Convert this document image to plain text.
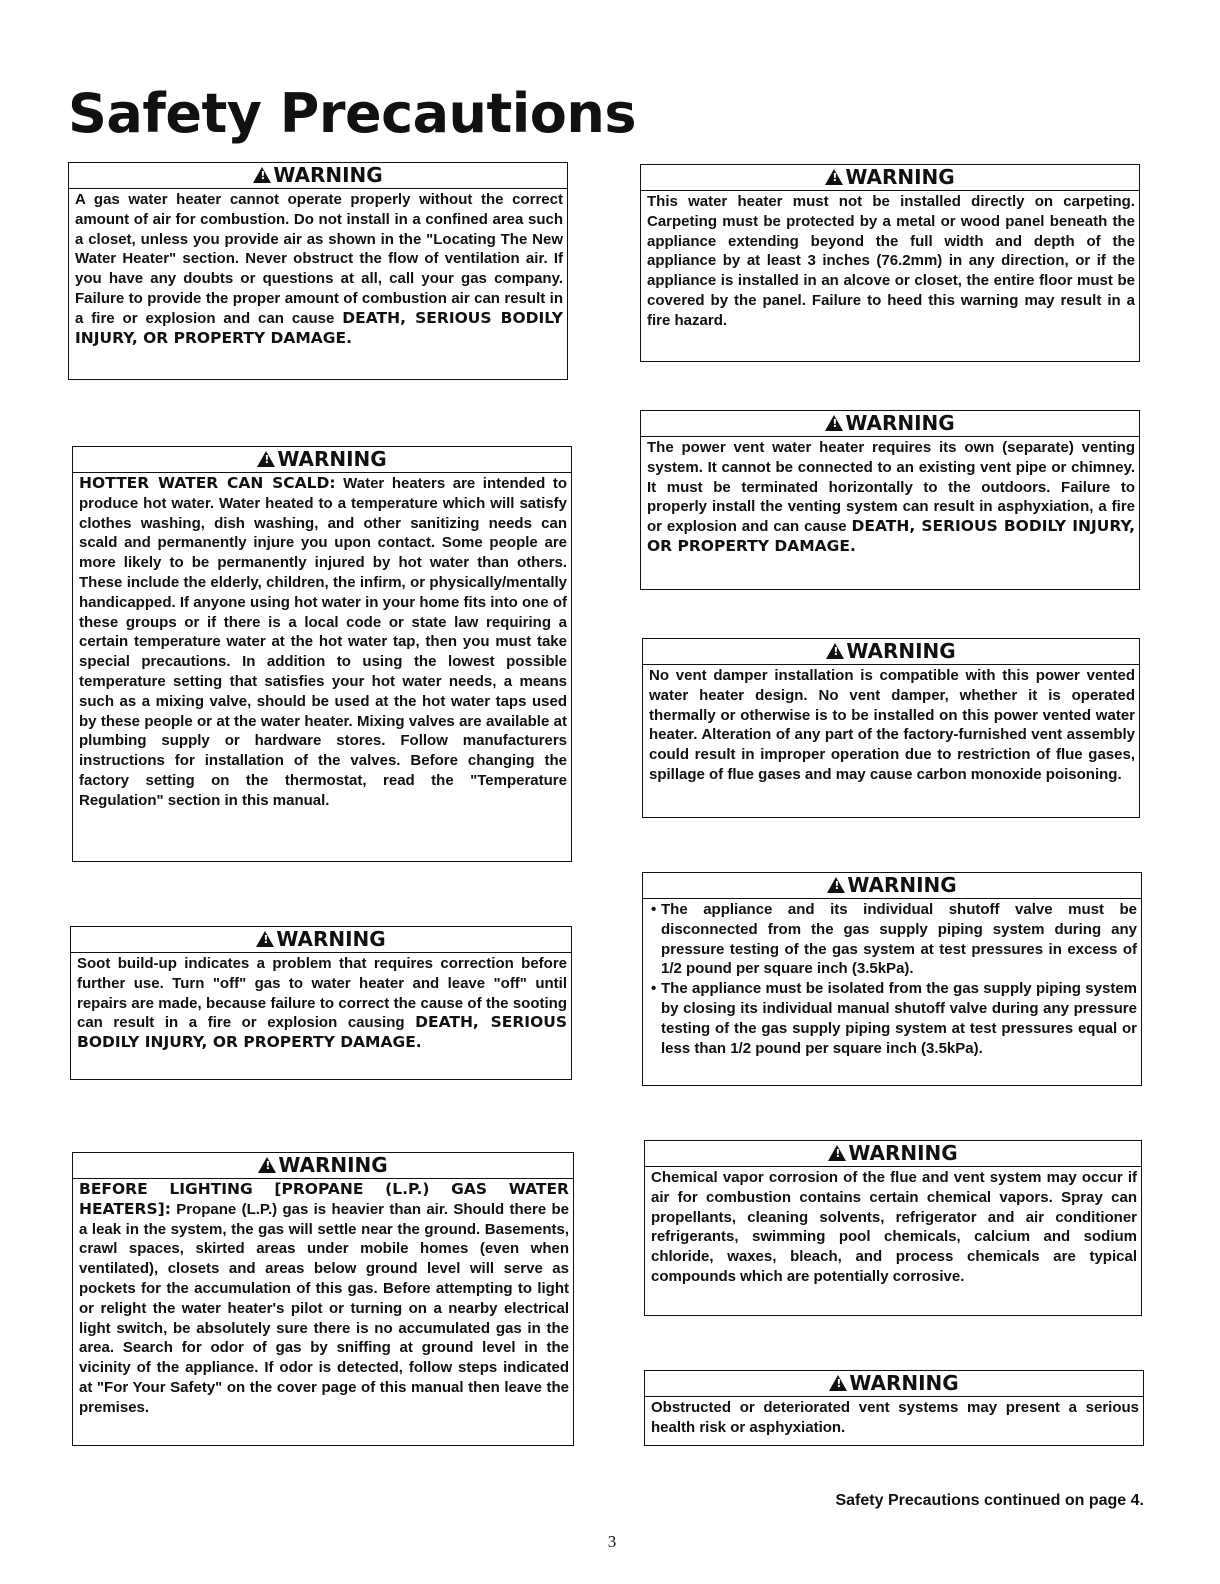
Safety Precautions
!WARNING
A gas water heater cannot operate properly without the correct amount of air for combustion. Do not install in a confined area such a closet, unless you provide air as shown in the "Locating The New Water Heater" section. Never obstruct the flow of ventilation air. If you have any doubts or questions at all, call your gas company. Failure to provide the proper amount of combustion air can result in a fire or explosion and can cause DEATH, SERIOUS BODILY INJURY, OR PROPERTY DAMAGE.
!WARNING
HOTTER WATER CAN SCALD: Water heaters are intended to produce hot water. Water heated to a temperature which will satisfy clothes washing, dish washing, and other sanitizing needs can scald and permanently injure you upon contact. Some people are more likely to be permanently injured by hot water than others. These include the elderly, children, the infirm, or physically/mentally handicapped. If anyone using hot water in your home fits into one of these groups or if there is a local code or state law requiring a certain temperature water at the hot water tap, then you must take special precautions. In addition to using the lowest possible temperature setting that satisfies your hot water needs, a means such as a mixing valve, should be used at the hot water taps used by these people or at the water heater. Mixing valves are available at plumbing supply or hardware stores. Follow manufacturers instructions for installation of the valves. Before changing the factory setting on the thermostat, read the "Temperature Regulation" section in this manual.
!WARNING
Soot build-up indicates a problem that requires correction before further use. Turn "off" gas to water heater and leave "off" until repairs are made, because failure to correct the cause of the sooting can result in a fire or explosion causing DEATH, SERIOUS BODILY INJURY, OR PROPERTY DAMAGE.
!WARNING
BEFORE LIGHTING [PROPANE (L.P.) GAS WATER HEATERS]: Propane (L.P.) gas is heavier than air. Should there be a leak in the system, the gas will settle near the ground. Basements, crawl spaces, skirted areas under mobile homes (even when ventilated), closets and areas below ground level will serve as pockets for the accumulation of this gas. Before attempting to light or relight the water heater's pilot or turning on a nearby electrical light switch, be absolutely sure there is no accumulated gas in the area. Search for odor of gas by sniffing at ground level in the vicinity of the appliance. If odor is detected, follow steps indicated at "For Your Safety" on the cover page of this manual then leave the premises.
!WARNING
This water heater must not be installed directly on carpeting. Carpeting must be protected by a metal or wood panel beneath the appliance extending beyond the full width and depth of the appliance by at least 3 inches (76.2mm) in any direction, or if the appliance is installed in an alcove or closet, the entire floor must be covered by the panel. Failure to heed this warning may result in a fire hazard.
!WARNING
The power vent water heater requires its own (separate) venting system. It cannot be connected to an existing vent pipe or chimney. It must be terminated horizontally to the outdoors. Failure to properly install the venting system can result in asphyxiation, a fire or explosion and can cause DEATH, SERIOUS BODILY INJURY, OR PROPERTY DAMAGE.
!WARNING
No vent damper installation is compatible with this power vented water heater design. No vent damper, whether it is operated thermally or otherwise is to be installed on this power vented water heater. Alteration of any part of the factory-furnished vent assembly could result in improper operation due to restriction of flue gases, spillage of flue gases and may cause carbon monoxide poisoning.
!WARNING
• The appliance and its individual shutoff valve must be disconnected from the gas supply piping system during any pressure testing of the gas system at test pressures in excess of 1/2 pound per square inch (3.5kPa).
• The appliance must be isolated from the gas supply piping system by closing its individual manual shutoff valve during any pressure testing of the gas supply piping system at test pressures equal or less than 1/2 pound per square inch (3.5kPa).
!WARNING
Chemical vapor corrosion of the flue and vent system may occur if air for combustion contains certain chemical vapors. Spray can propellants, cleaning solvents, refrigerator and air conditioner refrigerants, swimming pool chemicals, calcium and sodium chloride, waxes, bleach, and process chemicals are typical compounds which are potentially corrosive.
!WARNING
Obstructed or deteriorated vent systems may present a serious health risk or asphyxiation.
Safety Precautions continued on page 4.
3
